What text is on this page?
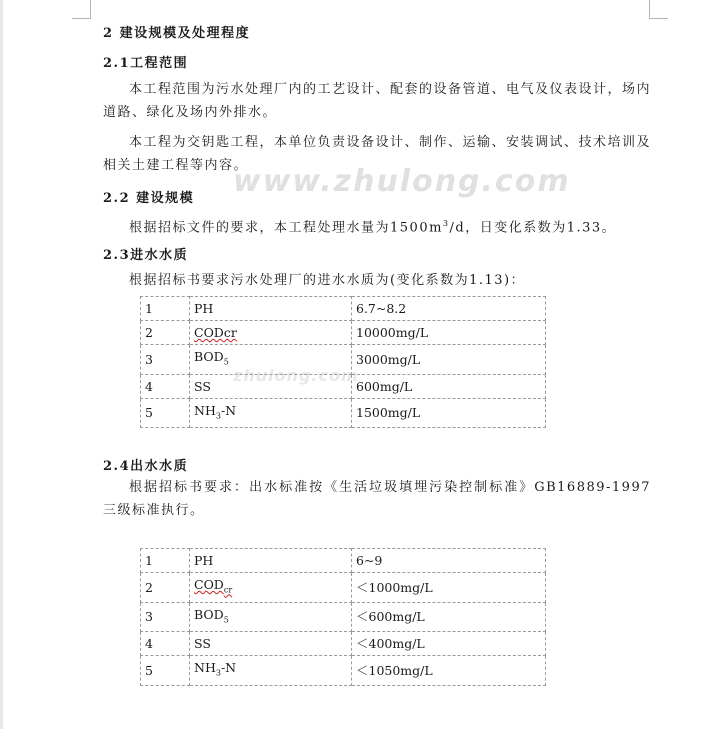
www.zhulong.com
zhulong.com
2 建设规模及处理程度
2.1工程范围
本工程范围为污水处理厂内的工艺设计、配套的设备管道、电气及仪表设计，场内道路、绿化及场内外排水。
本工程为交钥匙工程，本单位负责设备设计、制作、运输、安装调试、技术培训及相关土建工程等内容。
2.2 建设规模
根据招标文件的要求，本工程处理水量为$1500m^3/d$，日变化系数为1.33。
2.3进水水质
根据招标书要求污水处理厂的进水水质为(变化系数为1.13)：
1	PH	6.7~8.2
2	CODcr	10000mg/L
3	$BOD_5$	3000mg/L
4	SS	600mg/L
5	$NH_3-N$	1500mg/L
2.4出水水质
根据招标书要求：出水标准按《生活垃圾填埋污染控制标准》GB16889-1997 三级标准执行。
1	PH	6~9
2	$COD_{cr}$	＜1000mg/L
3	$BOD_5$	＜600mg/L
4	SS	＜400mg/L
5	$NH_3-N$	＜1050mg/L
